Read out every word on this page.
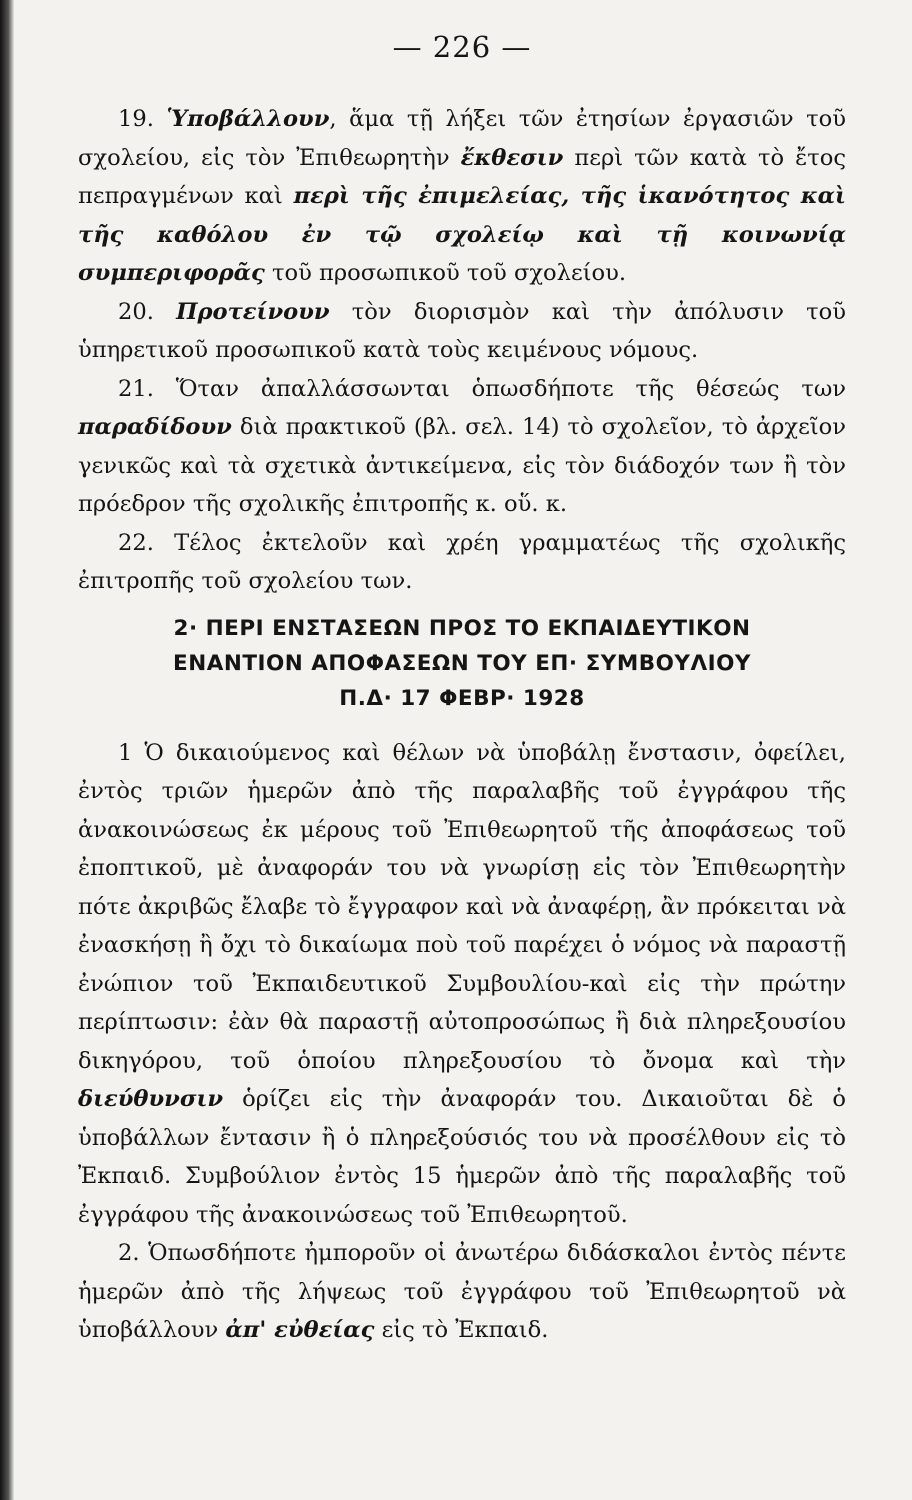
— 226 —

19. Ὑποβάλλουν, ἅμα τῇ λήξει τῶν ἐτησίων ἐργασιῶν τοῦ σχολείου, εἰς τὸν Ἐπιθεωρητὴν ἔκθεσιν περὶ τῶν κατὰ τὸ ἔτος πεπραγμένων καὶ περὶ τῆς ἐπιμελείας, τῆς ἱκανότητος καὶ τῆς καθόλου ἐν τῷ σχολείῳ καὶ τῇ κοινωνίᾳ συμπεριφορᾶς τοῦ προσωπικοῦ τοῦ σχολείου.

20. Προτείνουν τὸν διορισμὸν καὶ τὴν ἀπόλυσιν τοῦ ὑπηρετικοῦ προσωπικοῦ κατὰ τοὺς κειμένους νόμους.

21. Ὅταν ἀπαλλάσσωνται ὁπωσδήποτε τῆς θέσεώς των παραδίδουν διὰ πρακτικοῦ (βλ. σελ. 14) τὸ σχολεῖον, τὸ ἀρχεῖον γενικῶς καὶ τὰ σχετικὰ ἀντικείμενα, εἰς τὸν διάδοχόν των ἢ τὸν πρόεδρον τῆς σχολικῆς ἐπιτροπῆς κ. οὕ. κ.

22. Τέλος ἐκτελοῦν καὶ χρέη γραμματέως τῆς σχολικῆς ἐπιτροπῆς τοῦ σχολείου των.

2· ΠΕΡΙ ΕΝΣΤΑΣΕΩΝ ΠΡΟΣ ΤΟ ΕΚΠΑΙΔΕΥΤΙΚΟΝ
ΕΝΑΝΤΙΟΝ ΑΠΟΦΑΣΕΩΝ ΤΟΥ ΕΠ· ΣΥΜΒΟΥΛΙΟΥ
Π.Δ· 17 ΦΕΒΡ· 1928

1 Ὁ δικαιούμενος καὶ θέλων νὰ ὑποβάλῃ ἔνστασιν, ὀφείλει, ἐντὸς τριῶν ἡμερῶν ἀπὸ τῆς παραλαβῆς τοῦ ἐγγράφου τῆς ἀνακοινώσεως ἐκ μέρους τοῦ Ἐπιθεωρητοῦ τῆς ἀποφάσεως τοῦ ἐποπτικοῦ, μὲ ἀναφοράν του νὰ γνωρίσῃ εἰς τὸν Ἐπιθεωρητὴν πότε ἀκριβῶς ἔλαβε τὸ ἔγγραφον καὶ νὰ ἀναφέρῃ, ἂν πρόκειται νὰ ἐνασκήσῃ ἢ ὄχι τὸ δικαίωμα ποὺ τοῦ παρέχει ὁ νόμος νὰ παραστῇ ἐνώπιον τοῦ Ἐκπαιδευτικοῦ Συμβουλίου-καὶ εἰς τὴν πρώτην περίπτωσιν: ἐὰν θὰ παραστῇ αὐτοπροσώπως ἢ διὰ πληρεξουσίου δικηγόρου, τοῦ ὁποίου πληρεξουσίου τὸ ὄνομα καὶ τὴν διεύθυνσιν ὁρίζει εἰς τὴν ἀναφοράν του. Δικαιοῦται δὲ ὁ ὑποβάλλων ἔντασιν ἢ ὁ πληρεξούσιός του νὰ προσέλθουν εἰς τὸ Ἐκπαιδ. Συμβούλιον ἐντὸς 15 ἡμερῶν ἀπὸ τῆς παραλαβῆς τοῦ ἐγγράφου τῆς ἀνακοινώσεως τοῦ Ἐπιθεωρητοῦ.

2. Ὁπωσδήποτε ἠμποροῦν οἱ ἀνωτέρω διδάσκαλοι ἐντὸς πέντε ἡμερῶν ἀπὸ τῆς λήψεως τοῦ ἐγγράφου τοῦ Ἐπιθεωρητοῦ νὰ ὑποβάλλουν ἀπ' εὐθείας εἰς τὸ Ἐκπαιδ.
